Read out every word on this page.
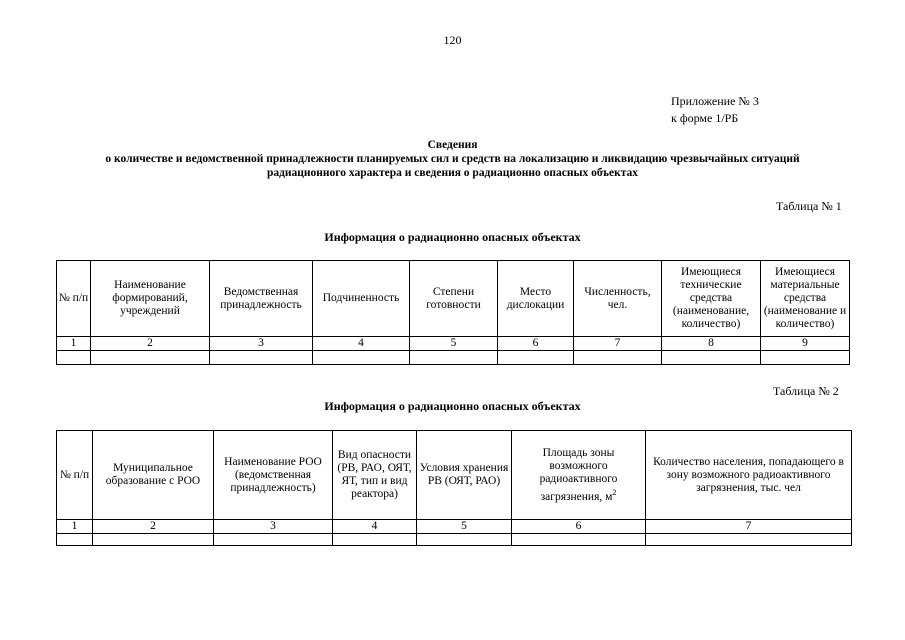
120
Приложение № 3
к форме 1/РБ
Сведения
о количестве и ведомственной принадлежности планируемых сил и средств на локализацию и ликвидацию чрезвычайных ситуаций
радиационного характера и сведения о радиационно опасных объектах
Таблица № 1
Информация о радиационно опасных объектах
№ п/п	Наименование формирований, учреждений	Ведомственная принадлежность	Подчиненность	Степени готовности	Место дислокации	Численность, чел.	Имеющиеся технические средства (наименование, количество)	Имеющиеся материальные средства (наименование и количество)
1	2	3	4	5	6	7	8	9

Таблица № 2
Информация о радиационно опасных объектах
№ п/п	Муниципальное образование с РОО	Наименование РОО (ведомственная принадлежность)	Вид опасности (РВ, РАО, ОЯТ, ЯТ, тип и вид реактора)	Условия хранения РВ (ОЯТ, РАО)	Площадь зоны возможного радиоактивного загрязнения, $м^2$	Количество населения, попадающего в зону возможного радиоактивного загрязнения, тыс. чел
1	2	3	4	5	6	7
